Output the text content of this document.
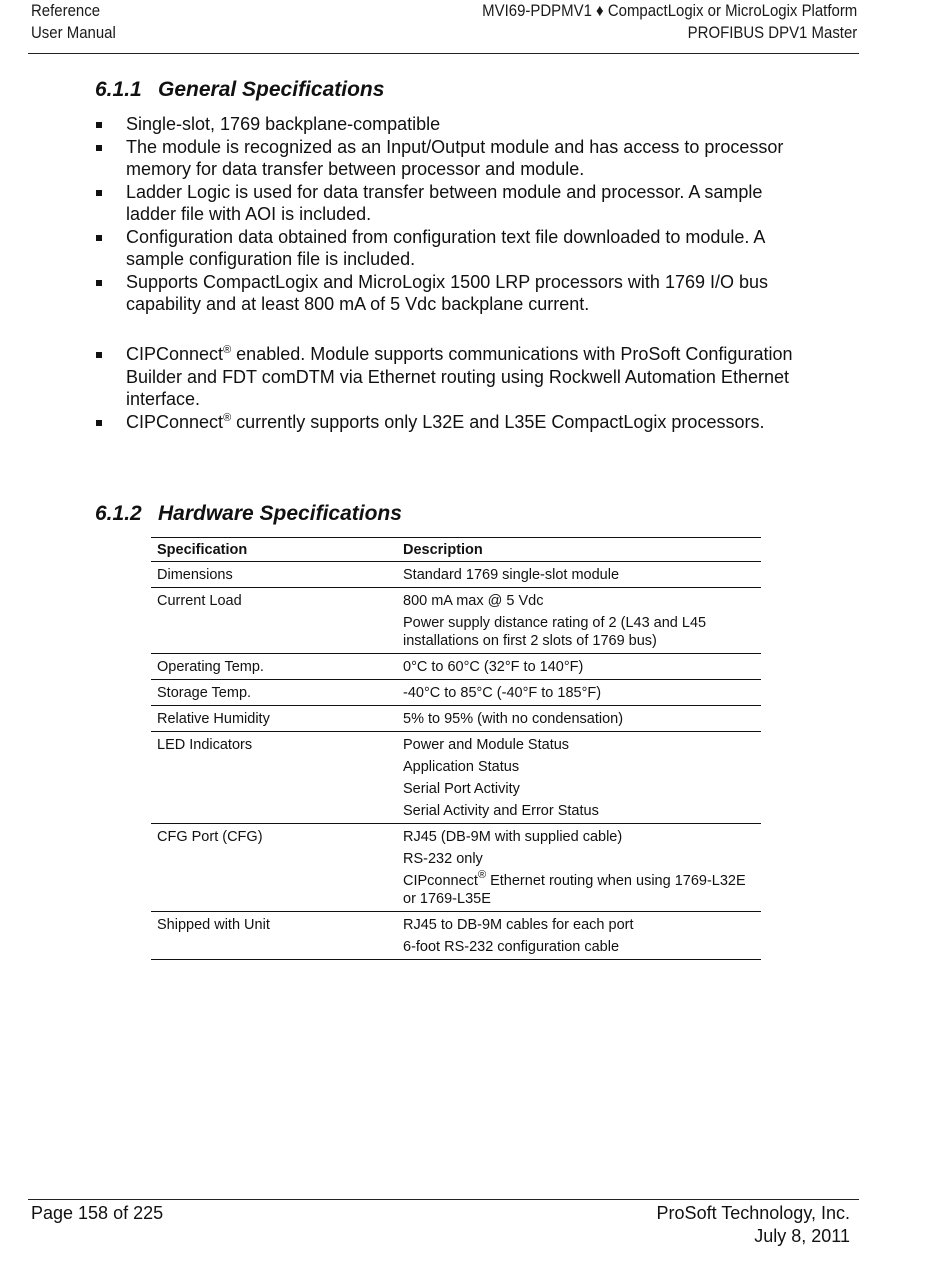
Reference
User Manual
MVI69-PDPMV1 ♦ CompactLogix or MicroLogix Platform
PROFIBUS DPV1 Master
6.1.1 General Specifications
Single-slot, 1769 backplane-compatible
The module is recognized as an Input/Output module and has access to processor memory for data transfer between processor and module.
Ladder Logic is used for data transfer between module and processor. A sample ladder file with AOI is included.
Configuration data obtained from configuration text file downloaded to module. A sample configuration file is included.
Supports CompactLogix and MicroLogix 1500 LRP processors with 1769 I/O bus capability and at least 800 mA of 5 Vdc backplane current.
CIPConnect® enabled. Module supports communications with ProSoft Configuration Builder and FDT comDTM via Ethernet routing using Rockwell Automation Ethernet interface.
CIPConnect® currently supports only L32E and L35E CompactLogix processors.
6.1.2 Hardware Specifications
Specification	Description
Dimensions	Standard 1769 single-slot module

Current Load	800 mA max @ 5 Vdc
Power supply distance rating of 2 (L43 and L45 installations on first 2 slots of 1769 bus)

Operating Temp.	0°C to 60°C (32°F to 140°F)

Storage Temp.	-40°C to 85°C (-40°F to 185°F)

Relative Humidity	5% to 95% (with no condensation)

LED Indicators	Power and Module Status
Application Status
Serial Port Activity
Serial Activity and Error Status

CFG Port (CFG)	RJ45 (DB-9M with supplied cable)
RS-232 only
CIPconnect® Ethernet routing when using 1769-L32E or 1769-L35E

Shipped with Unit	RJ45 to DB-9M cables for each port
6-foot RS-232 configuration cable
Page 158 of 225	ProSoft Technology, Inc.
July 8, 2011
